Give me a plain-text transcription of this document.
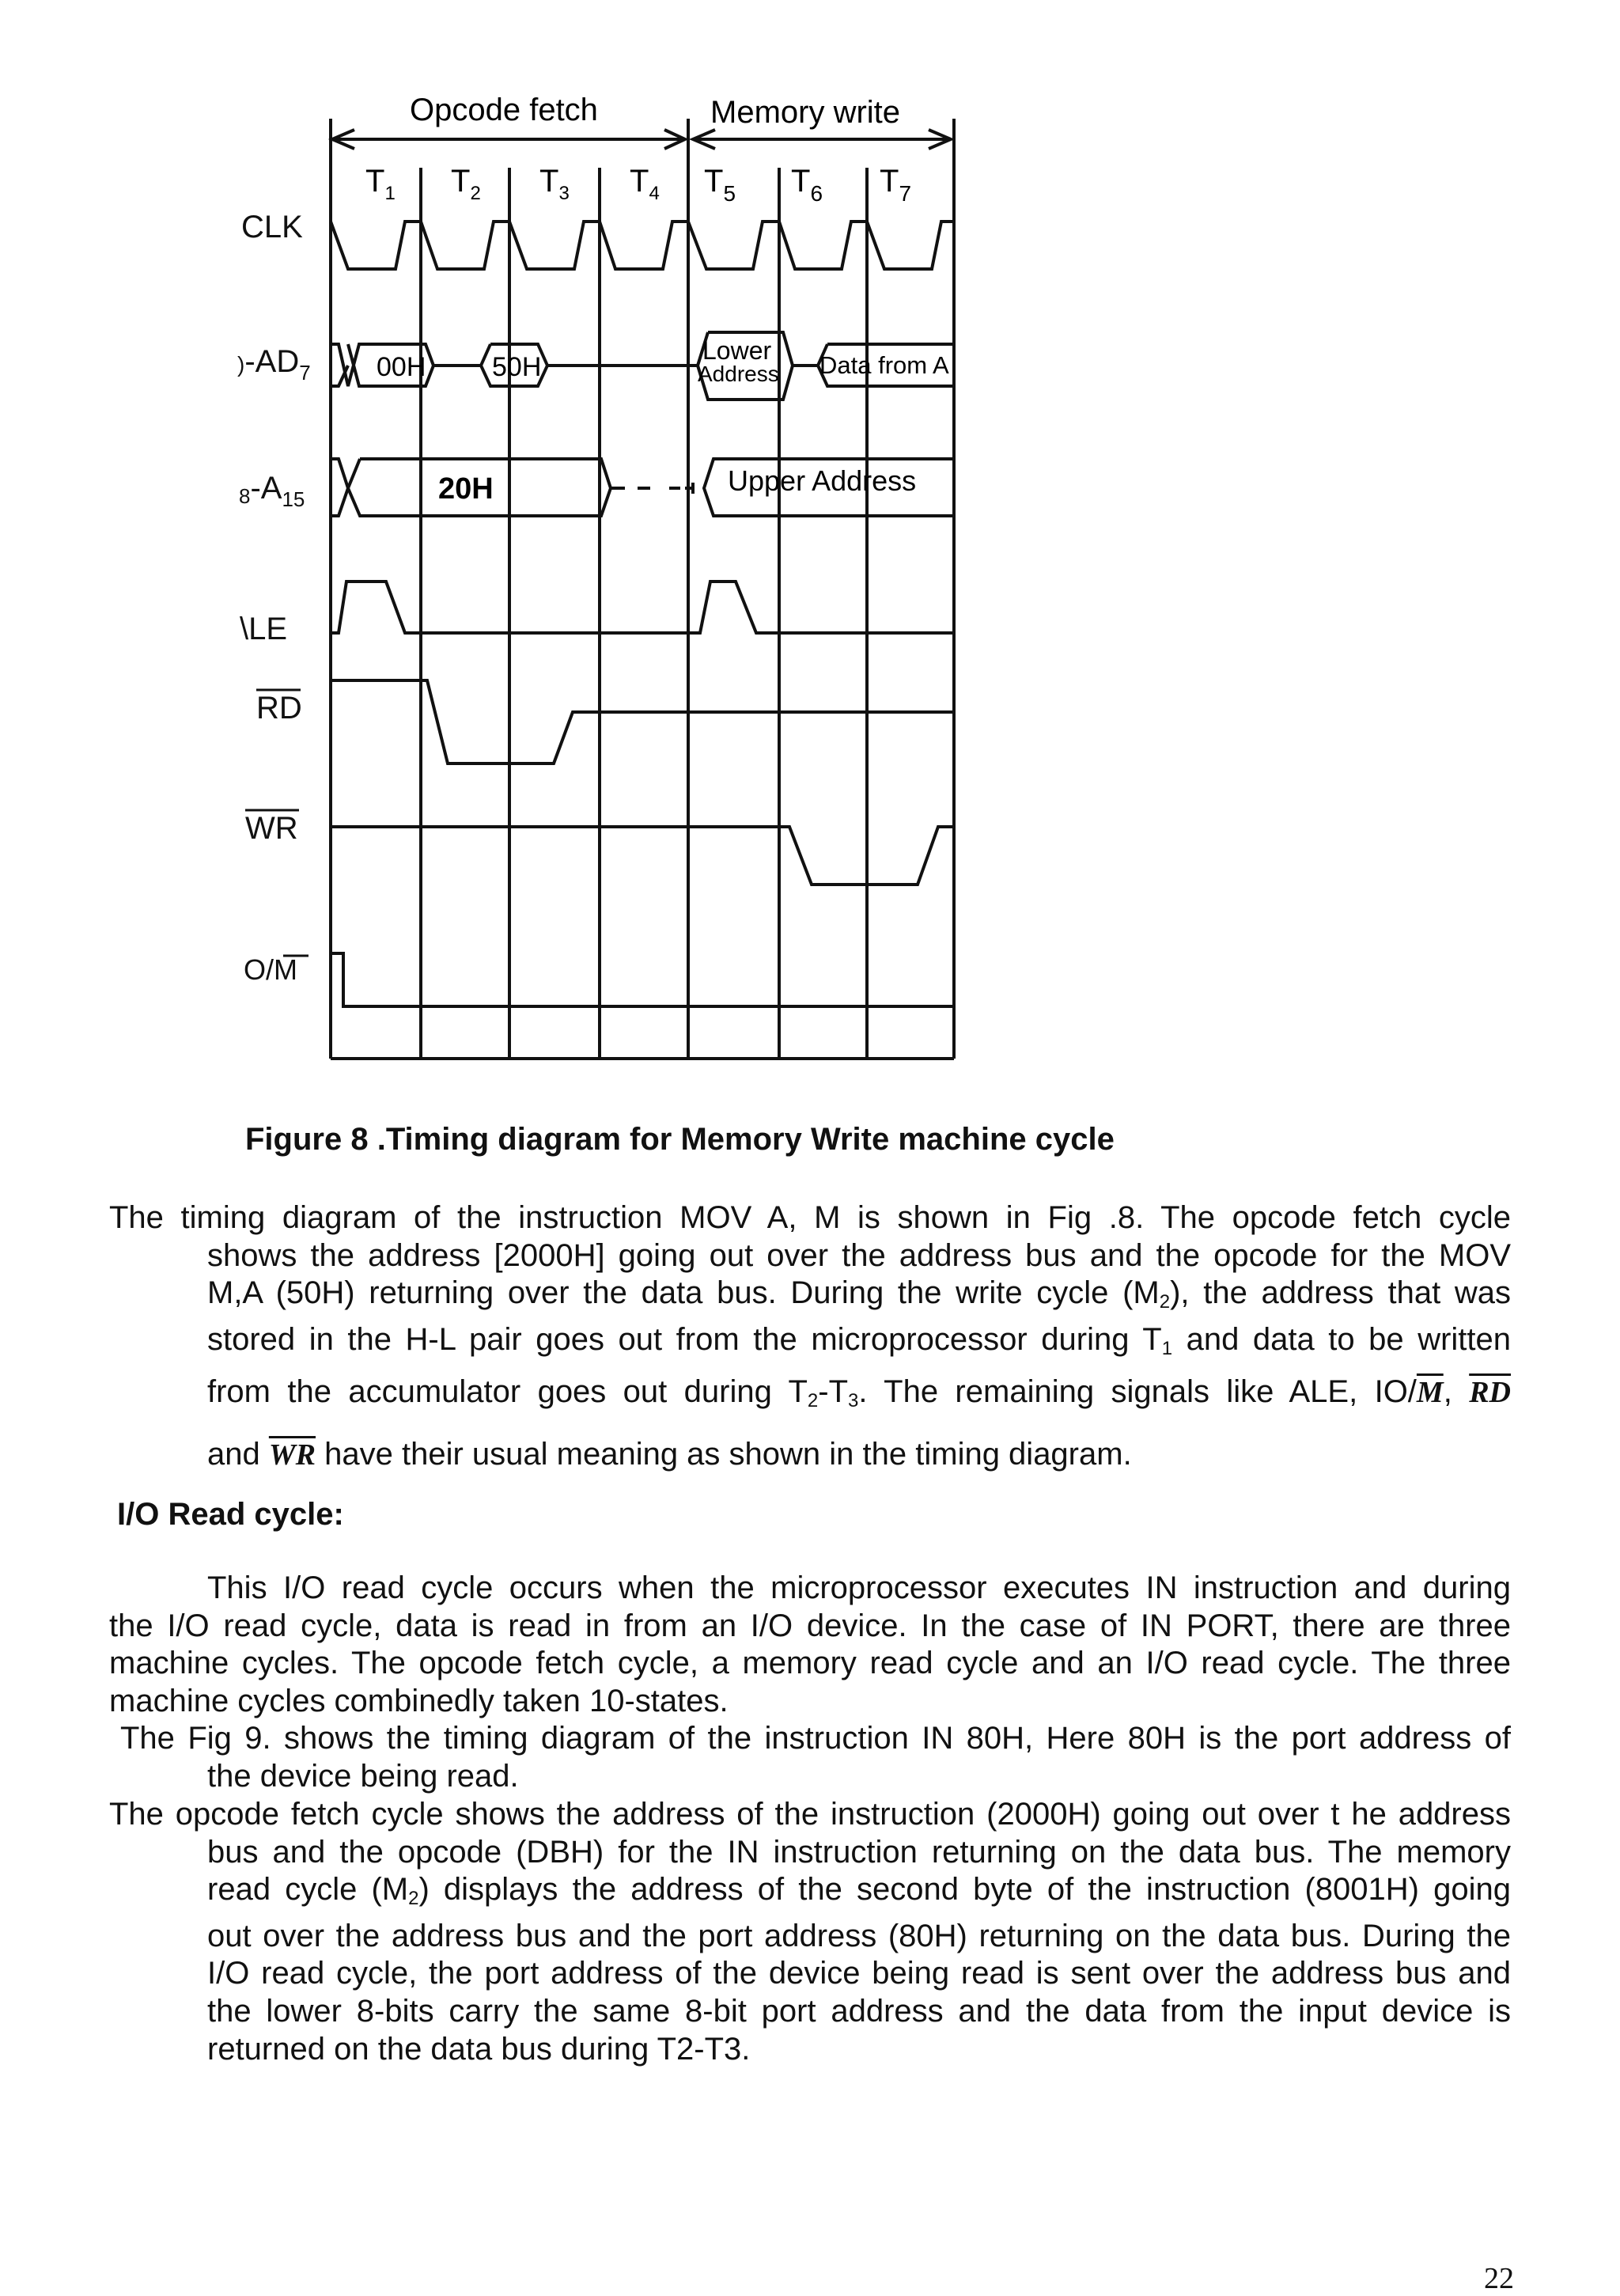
Opcode fetch	Memory write
$T_1$ $T_2$ $T_3$ $T_4$ $T_5$ $T_6$ $T_7$
CLK
)$-AD_7$
$8-A_{15}$
\LE
RD
WR
O/M
00H 50H
Lower
Address Data from A
20H	Upper Address
Figure 8 .Timing diagram for Memory Write machine cycle
The timing diagram of the instruction MOV A, M is shown in Fig .8. The opcode fetch cycle
shows the address [2000H] going out over the address bus and the opcode for the MOV
M,A (50H) returning over the data bus. During the write cycle $(M_2)$, the address that was
stored in the H-L pair goes out from the microprocessor during $T_1$ and data to be written
from the accumulator goes out during $T_2-T_3$. The remaining signals like ALE, $IO/\overline{M}$, $\overline{RD}$
and $\overline{WR}$ have their usual meaning as shown in the timing diagram.
I/O Read cycle:
This I/O read cycle occurs when the microprocessor executes IN instruction and during
the I/O read cycle, data is read in from an I/O device. In the case of IN PORT, there are three
machine cycles. The opcode fetch cycle, a memory read cycle and an I/O read cycle. The three
machine cycles combinedly taken 10-states.
The Fig 9. shows the timing diagram of the instruction IN 80H, Here 80H is the port address of
the device being read.
The opcode fetch cycle shows the address of the instruction (2000H) going out over t he address
bus and the opcode (DBH) for the IN instruction returning on the data bus. The memory
read cycle $(M_2)$ displays the address of the second byte of the instruction (8001H) going
out over the address bus and the port address (80H) returning on the data bus. During the
I/O read cycle, the port address of the device being read is sent over the address bus and
the lower 8-bits carry the same 8-bit port address and the data from the input device is
returned on the data bus during T2-T3.
22
